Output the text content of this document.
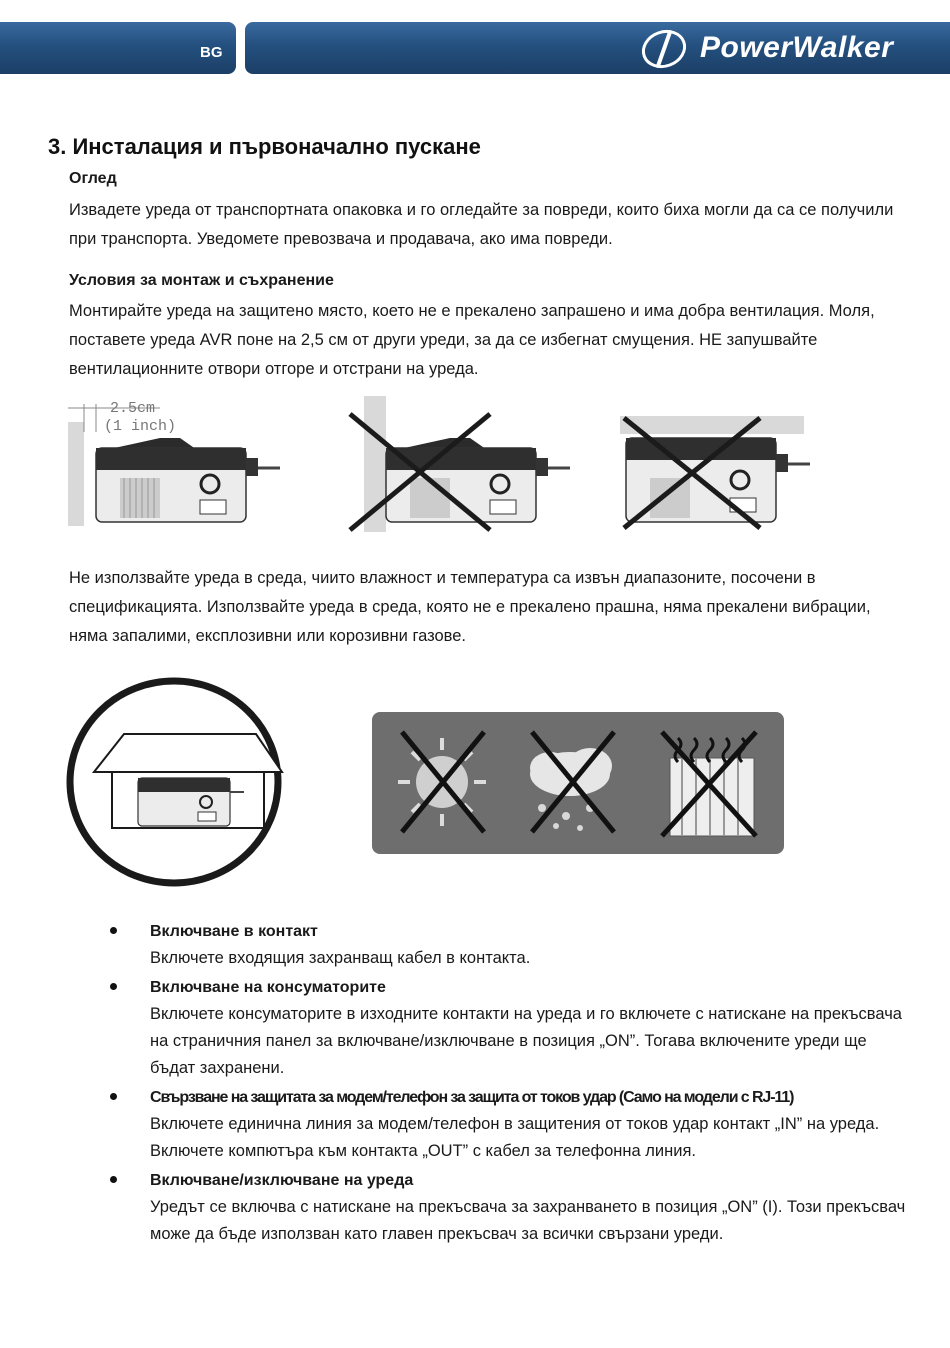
BG	PowerWalker
3. Инсталация и първоначално пускане

Оглед

Извадете уреда от транспортната опаковка и го огледайте за повреди, които биха могли да са се получили при транспорта. Уведомете превозвача и продавача, ако има повреди.

Условия за монтаж и съхранение

Монтирайте уреда на защитено място, което не е прекалено запрашено и има добра вентилация. Моля, поставете уреда AVR поне на 2,5 см от други уреди, за да се избегнат смущения. НЕ запушвайте вентилационните отвори отгоре и отстрани на уреда.

2.5cm
(1 inch)

Не използвайте уреда в среда, чиито влажност и температура са извън диапазоните, посочени в спецификацията. Използвайте уреда в среда, която не е прекалено прашна, няма прекалени вибрации, няма запалими, експлозивни или корозивни газове.

Включване в контакт
Включете входящия захранващ кабел в контакта.
Включване на консуматорите
Включете консуматорите в изходните контакти на уреда и го включете с натискане на прекъсвача на страничния панел за включване/изключване в позиция „ON”. Тогава включените уреди ще бъдат захранени.
Свързване на защитата за модем/телефон за защита от токов удар (Само на модели с RJ-11)
Включете единична линия за модем/телефон в защитения от токов удар контакт „IN” на уреда. Включете компютъра към контакта „OUT” с кабел за телефонна линия.
Включване/изключване на уреда
Уредът се включва с натискане на прекъсвача за захранването в позиция „ON” (I). Този прекъсвач може да бъде използван като главен прекъсвач за всички свързани уреди.
